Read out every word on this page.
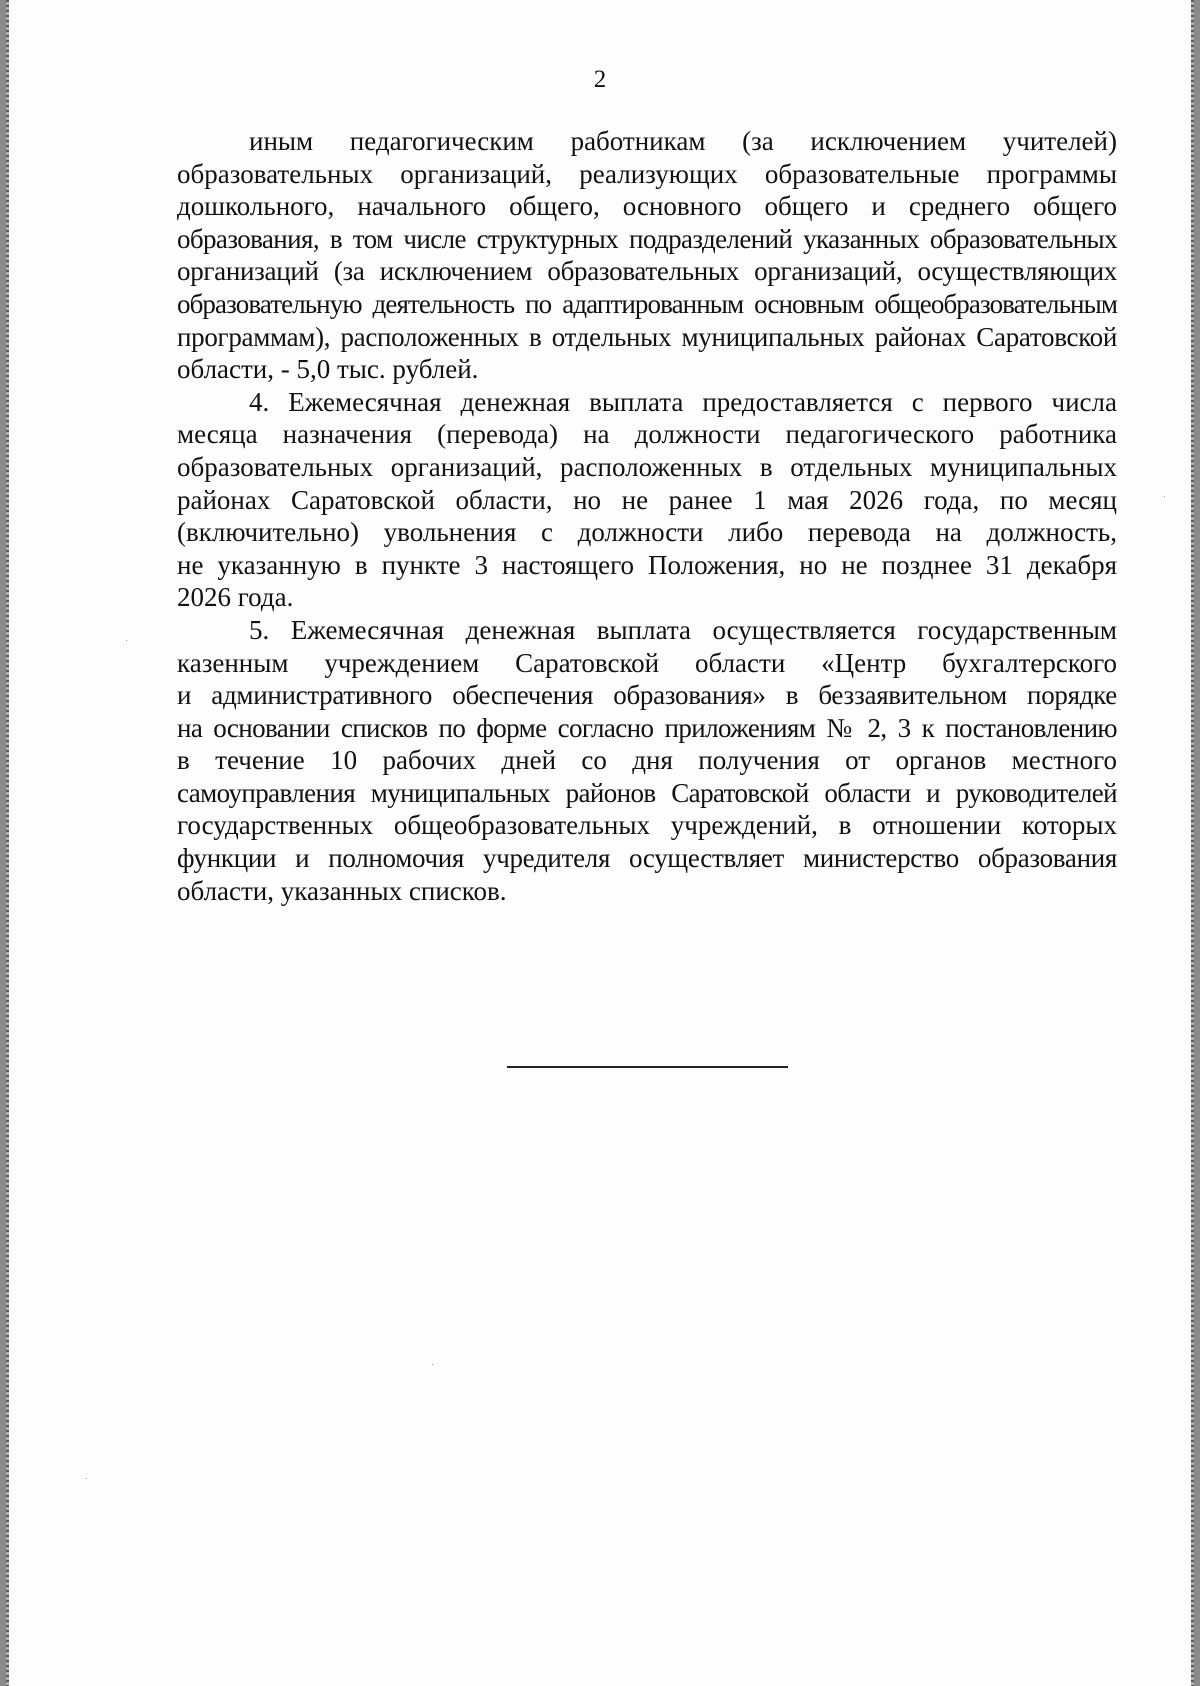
2
иным педагогическим работникам (за исключением учителей)
образовательных организаций, реализующих образовательные программы
дошкольного, начального общего, основного общего и среднего общего
образования, в том числе структурных подразделений указанных образовательных
организаций (за исключением образовательных организаций, осуществляющих
образовательную деятельность по адаптированным основным общеобразовательным
программам), расположенных в отдельных муниципальных районах Саратовской
области, - 5,0 тыс. рублей.
4. Ежемесячная денежная выплата предоставляется с первого числа
месяца назначения (перевода) на должности педагогического работника
образовательных организаций, расположенных в отдельных муниципальных
районах Саратовской области, но не ранее 1 мая 2026 года, по месяц
(включительно) увольнения с должности либо перевода на должность,
не указанную в пункте 3 настоящего Положения, но не позднее 31 декабря
2026 года.
5. Ежемесячная денежная выплата осуществляется государственным
казенным учреждением Саратовской области «Центр бухгалтерского
и административного обеспечения образования» в беззаявительном порядке
на основании списков по форме согласно приложениям № 2, 3 к постановлению
в течение 10 рабочих дней со дня получения от органов местного
самоуправления муниципальных районов Саратовской области и руководителей
государственных общеобразовательных учреждений, в отношении которых
функции и полномочия учредителя осуществляет министерство образования
области, указанных списков.
